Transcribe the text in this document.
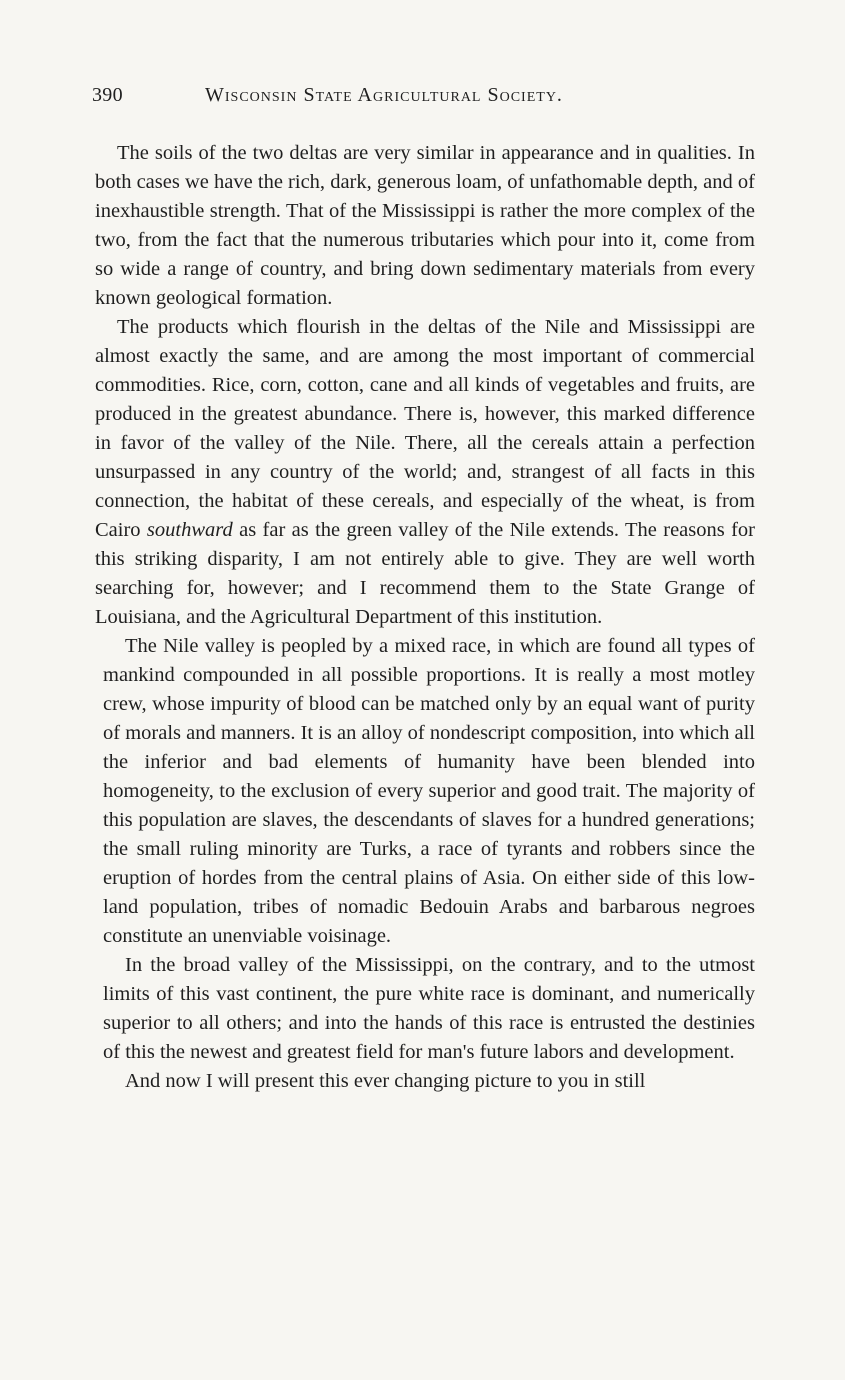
390	Wisconsin State Agricultural Society.

The soils of the two deltas are very similar in appearance and in qualities. In both cases we have the rich, dark, generous loam, of unfathomable depth, and of inexhaustible strength. That of the Mississippi is rather the more complex of the two, from the fact that the numerous tributaries which pour into it, come from so wide a range of country, and bring down sedimentary materials from every known geological formation.

The products which flourish in the deltas of the Nile and Mississippi are almost exactly the same, and are among the most important of commercial commodities. Rice, corn, cotton, cane and all kinds of vegetables and fruits, are produced in the greatest abundance. There is, however, this marked difference in favor of the valley of the Nile. There, all the cereals attain a perfection unsurpassed in any country of the world; and, strangest of all facts in this connection, the habitat of these cereals, and especially of the wheat, is from Cairo southward as far as the green valley of the Nile extends. The reasons for this striking disparity, I am not entirely able to give. They are well worth searching for, however; and I recommend them to the State Grange of Louisiana, and the Agricultural Department of this institution.

The Nile valley is peopled by a mixed race, in which are found all types of mankind compounded in all possible proportions. It is really a most motley crew, whose impurity of blood can be matched only by an equal want of purity of morals and manners. It is an alloy of nondescript composition, into which all the inferior and bad elements of humanity have been blended into homogeneity, to the exclusion of every superior and good trait. The majority of this population are slaves, the descendants of slaves for a hundred generations; the small ruling minority are Turks, a race of tyrants and robbers since the eruption of hordes from the central plains of Asia. On either side of this low-land population, tribes of nomadic Bedouin Arabs and barbarous negroes constitute an unenviable voisinage.

In the broad valley of the Mississippi, on the contrary, and to the utmost limits of this vast continent, the pure white race is dominant, and numerically superior to all others; and into the hands of this race is entrusted the destinies of this the newest and greatest field for man's future labors and development.

And now I will present this ever changing picture to you in still
